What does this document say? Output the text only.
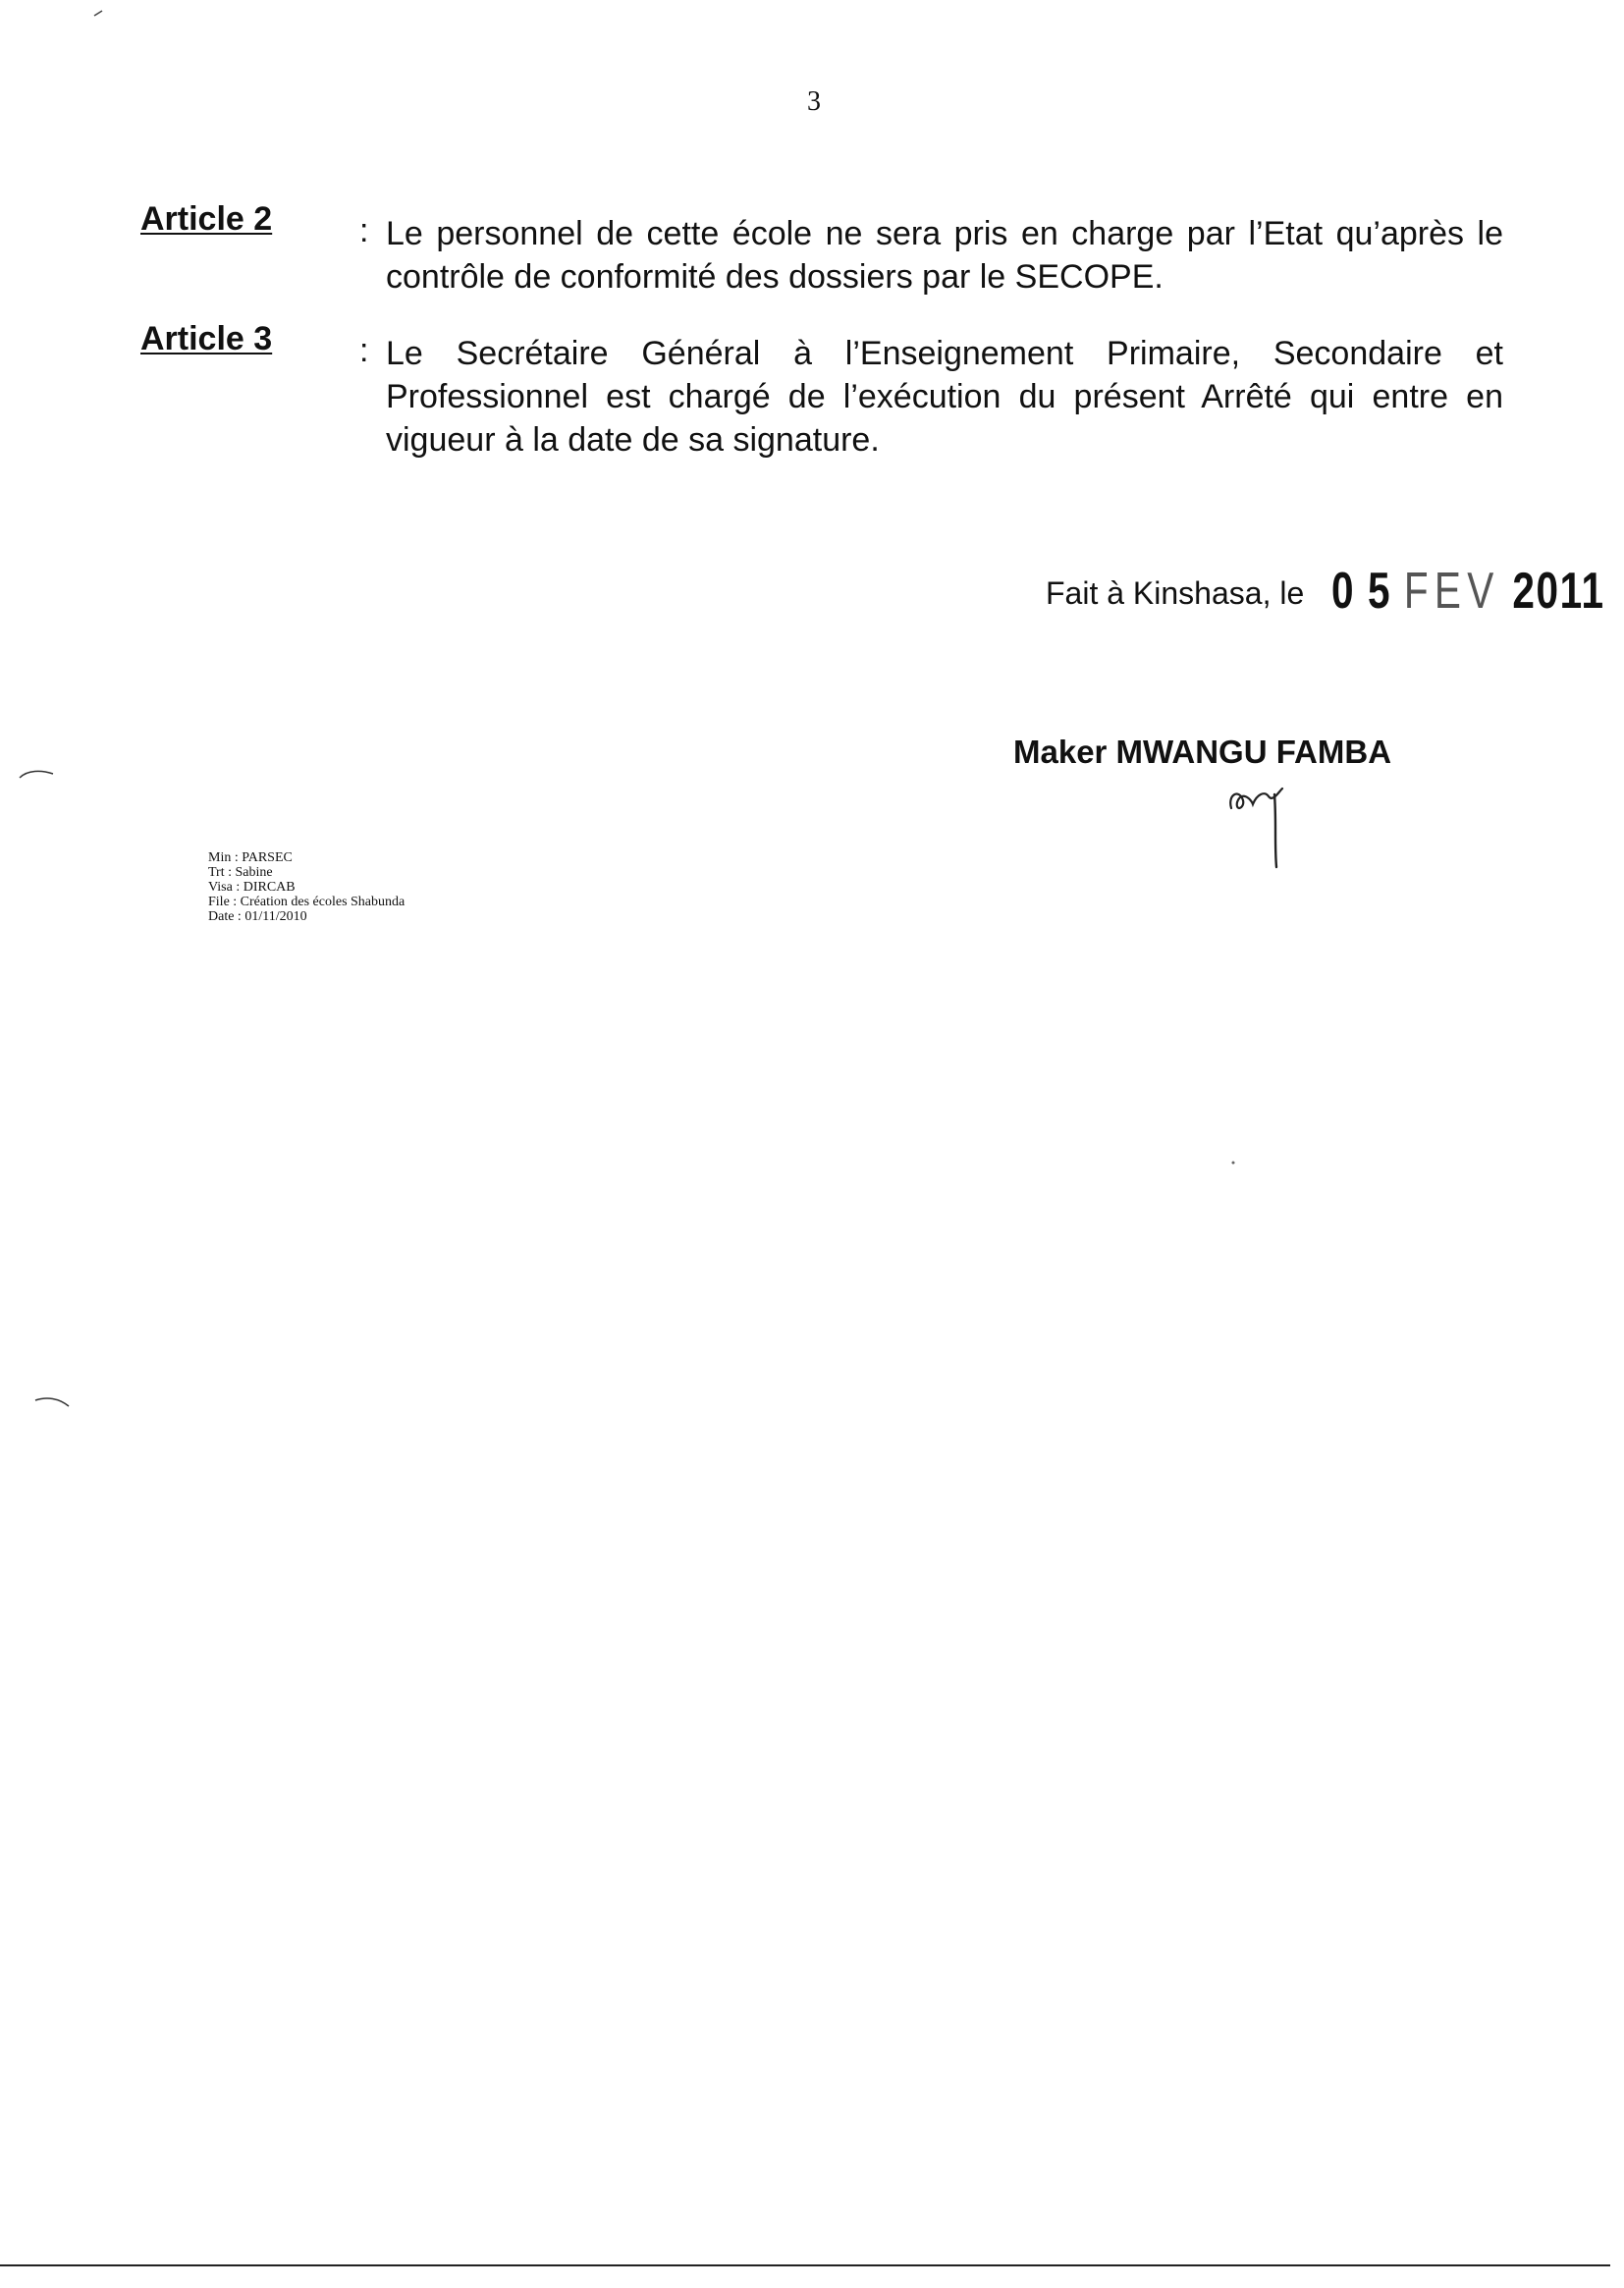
3
Article 2	: Le personnel de cette école ne sera pris en charge par l’Etat qu’après le contrôle de conformité des dossiers par le SECOPE.
Article 3	: Le Secrétaire Général à l’Enseignement Primaire, Secondaire et Professionnel est chargé de l’exécution du présent Arrêté qui entre en vigueur à la date de sa signature.
Fait à Kinshasa, le 0 5 FEV 2011
Maker MWANGU FAMBA
Min : PARSEC
Trt : Sabine
Visa : DIRCAB
File : Création des écoles Shabunda
Date : 01/11/2010
